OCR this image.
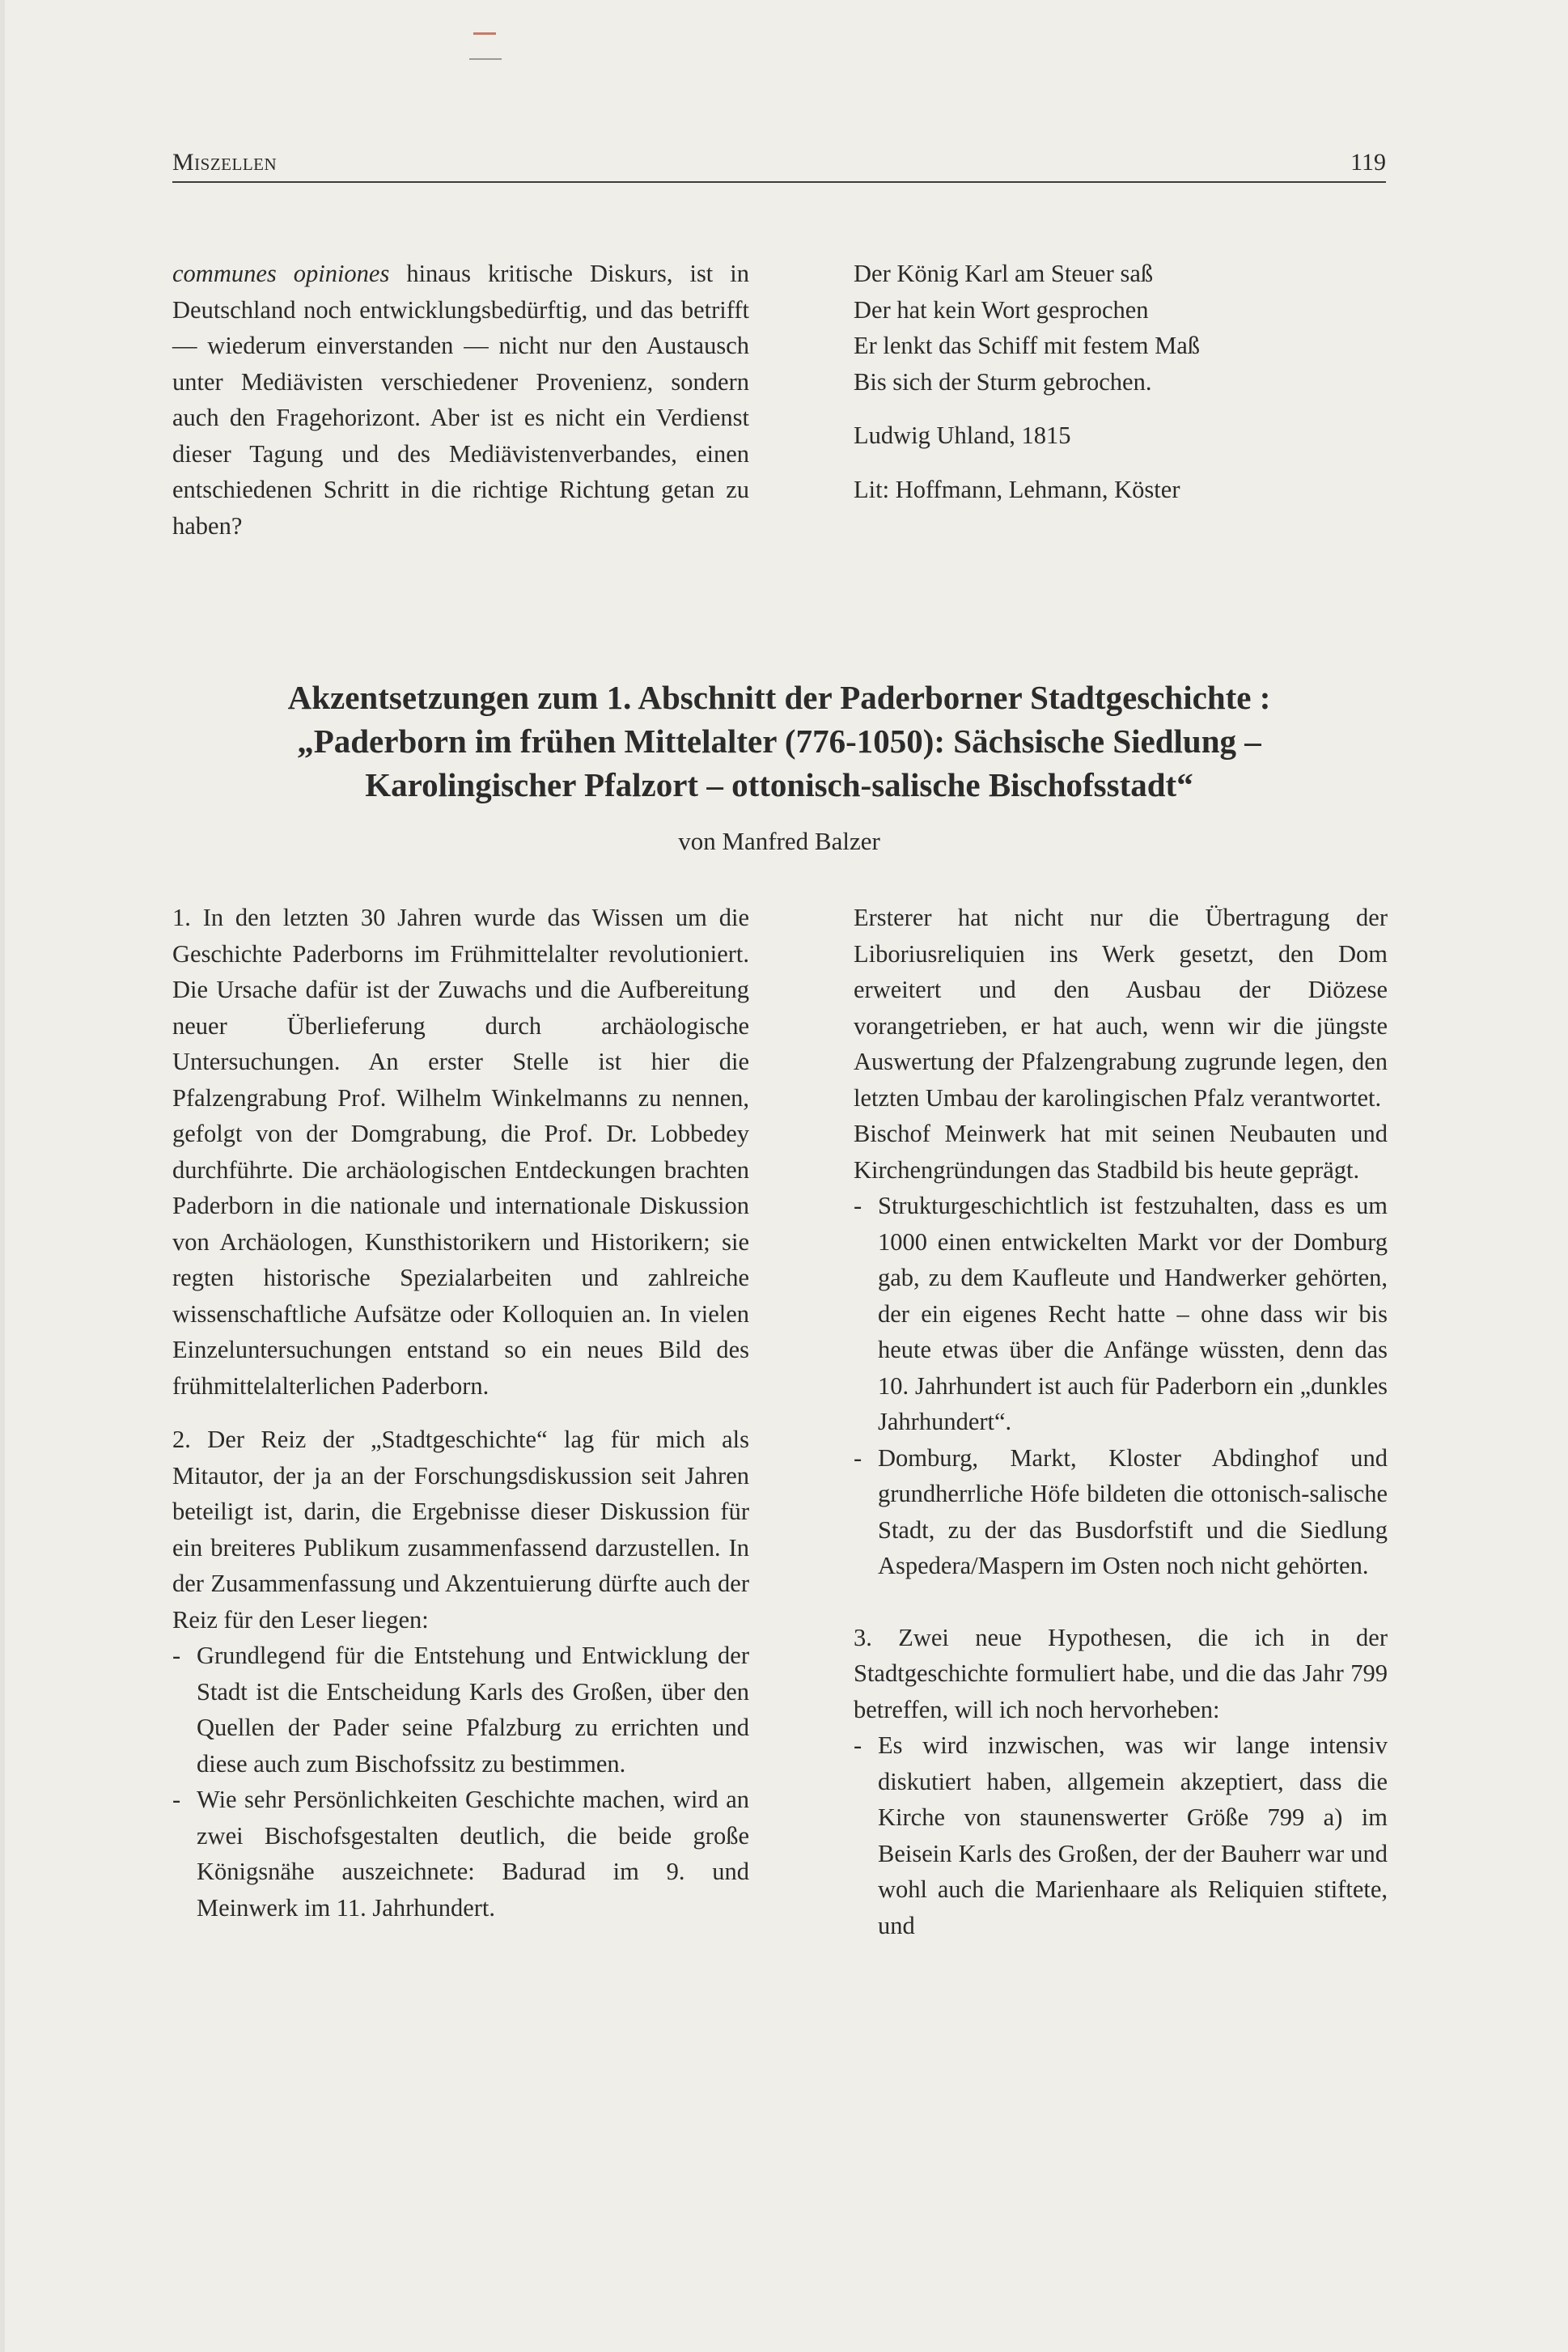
Miszellen	119

communes opiniones hinaus kritische Diskurs, ist in Deutschland noch entwicklungsbedürftig, und das betrifft — wiederum einverstanden — nicht nur den Austausch unter Mediävisten verschiedener Provenienz, sondern auch den Fragehorizont. Aber ist es nicht ein Verdienst dieser Tagung und des Mediävistenverbandes, einen entschiedenen Schritt in die richtige Richtung getan zu haben?

Der König Karl am Steuer saß
Der hat kein Wort gesprochen
Er lenkt das Schiff mit festem Maß
Bis sich der Sturm gebrochen.
Ludwig Uhland, 1815
Lit: Hoffmann, Lehmann, Köster
Akzentsetzungen zum 1. Abschnitt der Paderborner Stadtgeschichte :
„Paderborn im frühen Mittelalter (776-1050): Sächsische Siedlung –
Karolingischer Pfalzort – ottonisch-salische Bischofsstadt“
von Manfred Balzer

1. In den letzten 30 Jahren wurde das Wissen um die Geschichte Paderborns im Frühmittelalter revolutioniert. Die Ursache dafür ist der Zuwachs und die Aufbereitung neuer Überlieferung durch archäologische Untersuchungen. An erster Stelle ist hier die Pfalzengrabung Prof. Wilhelm Winkelmanns zu nennen, gefolgt von der Domgrabung, die Prof. Dr. Lobbedey durchführte. Die archäologischen Entdeckungen brachten Paderborn in die nationale und internationale Diskussion von Archäologen, Kunsthistorikern und Historikern; sie regten historische Spezialarbeiten und zahlreiche wissenschaftliche Aufsätze oder Kolloquien an. In vielen Einzeluntersuchungen entstand so ein neues Bild des frühmittelalterlichen Paderborn.

2. Der Reiz der „Stadtgeschichte“ lag für mich als Mitautor, der ja an der Forschungsdiskussion seit Jahren beteiligt ist, darin, die Ergebnisse dieser Diskussion für ein breiteres Publikum zusammenfassend darzustellen. In der Zusammenfassung und Akzentuierung dürfte auch der Reiz für den Leser liegen:

- Grundlegend für die Entstehung und Entwicklung der Stadt ist die Entscheidung Karls des Großen, über den Quellen der Pader seine Pfalzburg zu errichten und diese auch zum Bischofssitz zu bestimmen.

- Wie sehr Persönlichkeiten Geschichte machen, wird an zwei Bischofsgestalten deutlich, die beide große Königsnähe auszeichnete: Badurad im 9. und Meinwerk im 11. Jahrhundert.

Ersterer hat nicht nur die Übertragung der Liboriusreliquien ins Werk gesetzt, den Dom erweitert und den Ausbau der Diözese vorangetrieben, er hat auch, wenn wir die jüngste Auswertung der Pfalzengrabung zugrunde legen, den letzten Umbau der karolingischen Pfalz verantwortet.

Bischof Meinwerk hat mit seinen Neubauten und Kirchengründungen das Stadbild bis heute geprägt.

- Strukturgeschichtlich ist festzuhalten, dass es um 1000 einen entwickelten Markt vor der Domburg gab, zu dem Kaufleute und Handwerker gehörten, der ein eigenes Recht hatte – ohne dass wir bis heute etwas über die Anfänge wüssten, denn das 10. Jahrhundert ist auch für Paderborn ein „dunkles Jahrhundert“.

- Domburg, Markt, Kloster Abdinghof und grundherrliche Höfe bildeten die ottonisch-salische Stadt, zu der das Busdorfstift und die Siedlung Aspedera/Maspern im Osten noch nicht gehörten.

3. Zwei neue Hypothesen, die ich in der Stadtgeschichte formuliert habe, und die das Jahr 799 betreffen, will ich noch hervorheben:

- Es wird inzwischen, was wir lange intensiv diskutiert haben, allgemein akzeptiert, dass die Kirche von staunenswerter Größe 799 a) im Beisein Karls des Großen, der der Bauherr war und wohl auch die Marienhaare als Reliquien stiftete, und
